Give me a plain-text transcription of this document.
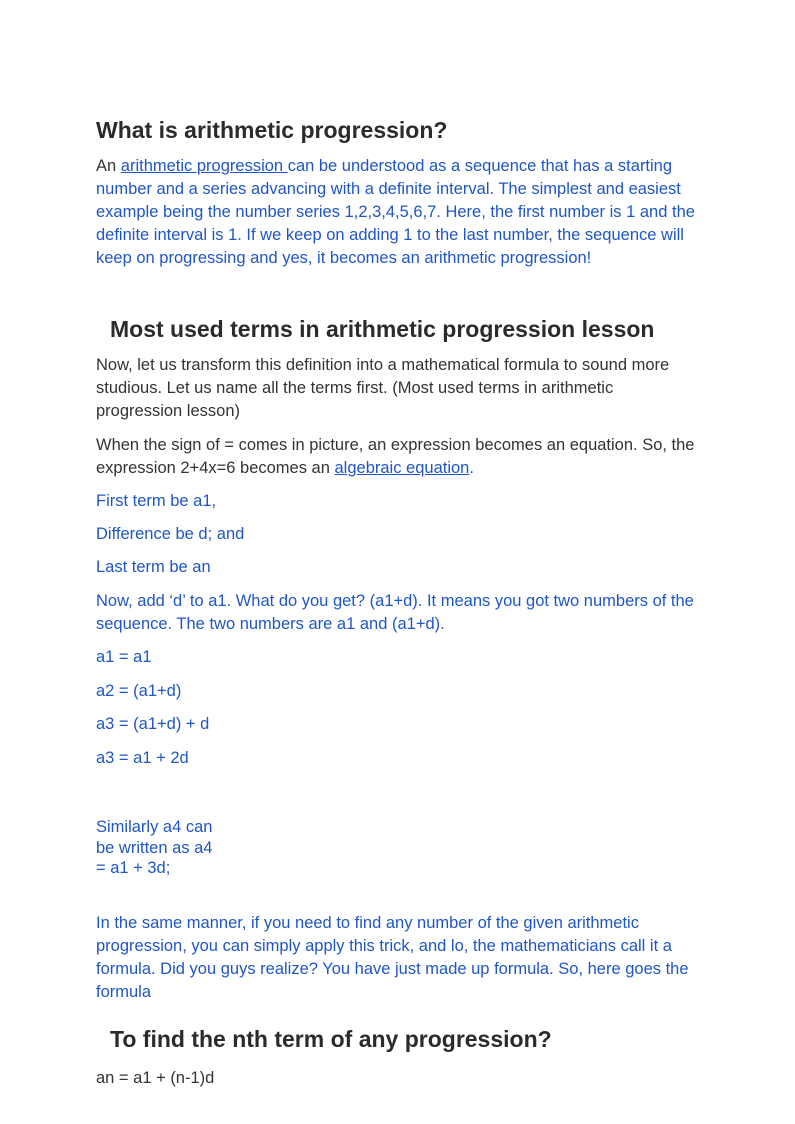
What is arithmetic progression?

An arithmetic progression can be understood as a sequence that has a starting number and a series advancing with a definite interval. The simplest and easiest example being the number series 1,2,3,4,5,6,7. Here, the first number is 1 and the definite interval is 1. If we keep on adding 1 to the last number, the sequence will keep on progressing and yes, it becomes an arithmetic progression!

Most used terms in arithmetic progression lesson

Now, let us transform this definition into a mathematical formula to sound more studious. Let us name all the terms first. (Most used terms in arithmetic progression lesson)

When the sign of = comes in picture, an expression becomes an equation. So, the expression 2+4x=6 becomes an algebraic equation.

First term be a1,

Difference be d; and

Last term be an

Now, add ‘d’ to a1. What do you get? (a1+d). It means you got two numbers of the sequence. The two numbers are a1 and (a1+d).

a1 = a1

a2 = (a1+d)

a3 = (a1+d) + d

a3 = a1 + 2d

Similarly a4 can be written as a4 = a1 + 3d;

In the same manner, if you need to find any number of the given arithmetic progression, you can simply apply this trick, and lo, the mathematicians call it a formula. Did you guys realize? You have just made up formula. So, here goes the formula

To find the nth term of any progression?

an = a1 + (n-1)d
